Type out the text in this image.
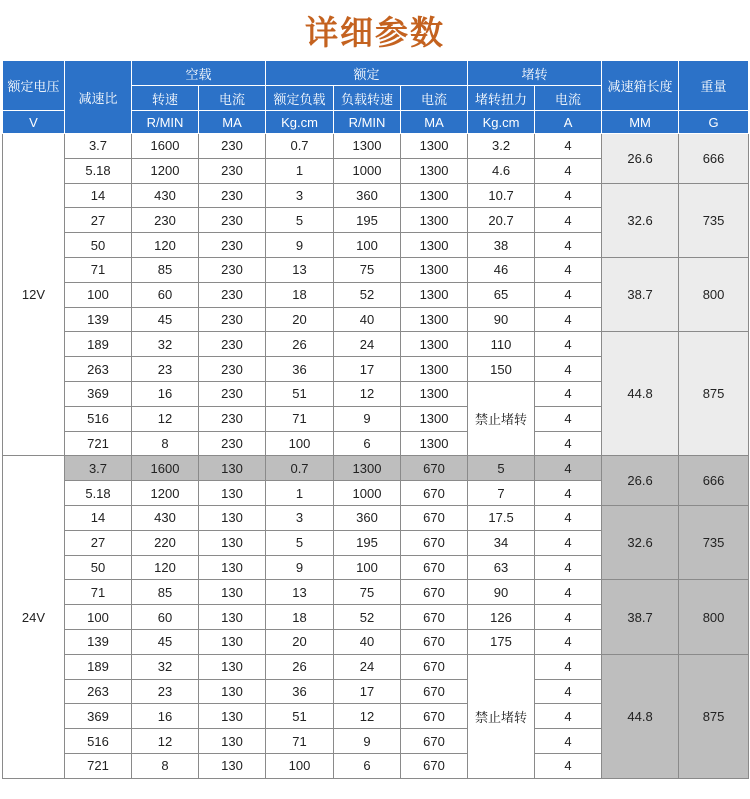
详细参数
额定电压	减速比	空载		额定			堵转		减速箱长度	重量
		转速	电流	额定负载	负载转速	电流	堵转扭力	电流		
V		R/MIN	MA	Kg.cm	R/MIN	MA	Kg.cm	A	MM	G
12V	3.7	1600	230	0.7	1300	1300	3.2	4	26.6	666
	5.18	1200	230	1	1000	1300	4.6	4		
	14	430	230	3	360	1300	10.7	4	32.6	735
	27	230	230	5	195	1300	20.7	4		
	50	120	230	9	100	1300	38	4		
	71	85	230	13	75	1300	46	4	38.7	800
	100	60	230	18	52	1300	65	4		
	139	45	230	20	40	1300	90	4		
	189	32	230	26	24	1300	110	4	44.8	875
	263	23	230	36	17	1300	150	4		
	369	16	230	51	12	1300	禁止堵转	4		
	516	12	230	71	9	1300		4		
	721	8	230	100	6	1300		4		
24V	3.7	1600	130	0.7	1300	670	5	4	26.6	666
	5.18	1200	130	1	1000	670	7	4		
	14	430	130	3	360	670	17.5	4	32.6	735
	27	220	130	5	195	670	34	4		
	50	120	130	9	100	670	63	4		
	71	85	130	13	75	670	90	4	38.7	800
	100	60	130	18	52	670	126	4		
	139	45	130	20	40	670	175	4		
	189	32	130	26	24	670	禁止堵转	4	44.8	875
	263	23	130	36	17	670		4		
	369	16	130	51	12	670		4		
	516	12	130	71	9	670		4		
	721	8	130	100	6	670		4		
